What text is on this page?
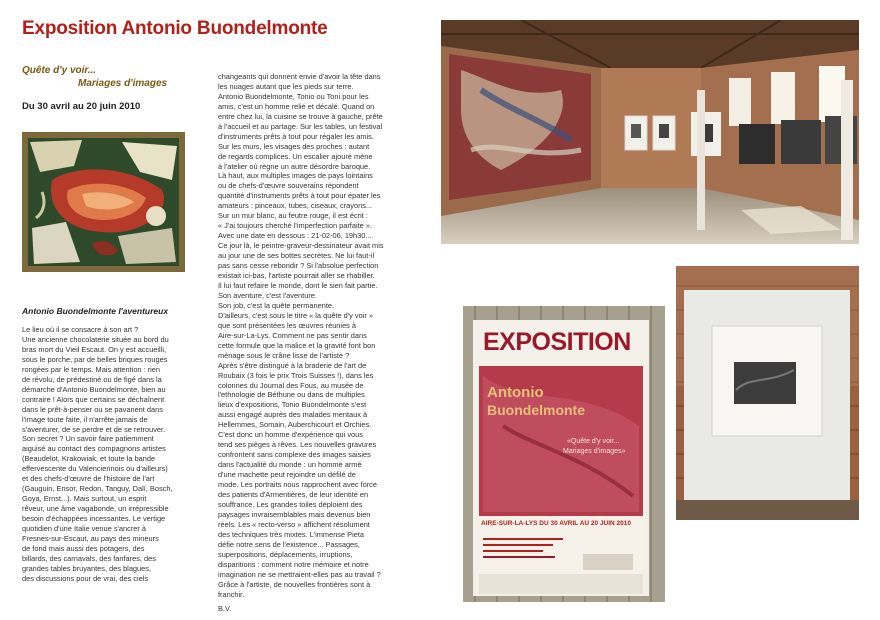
Exposition Antonio Buondelmonte
Quête d'y voir...
Mariages d'images
Du 30 avril au 20 juin 2010
Antonio Buondelmonte l'aventureux
Le lieu où il se consacre à son art ?
Une ancienne chocolaterie située au bord du
bras mort du Vieil Escaut. On y est accueilli,
sous le porche, par de belles briques rouges
rongées par le temps. Mais attention : rien
de révolu, de prédestiné ou de figé dans la
démarche d'Antonio Buondelmonte, bien au
contraire ! Alors que certains se déchaînent
dans le prêt-à-penser ou se pavanent dans
l'image toute faite, il n'arrête jamais de
s'aventurer, de se perdre et de se retrouver.
Son secret ? Un savoir faire patiemment
aiguisé au contact des compagnons artistes
(Beaudelot, Krakowiak, et toute la bande
effervescente du Valenciennois ou d'ailleurs)
et des chefs-d'œuvre de l'histoire de l'art
(Gauguin, Ensor, Redon, Tanguy, Dalí, Bosch,
Goya, Ernst...). Mais surtout, un esprit
rêveur, une âme vagabonde, un irrépressible
besoin d'échappées incessantes. Le vertige
quotidien d'une Italie venue s'ancrer à
Fresnes-sur-Escaut, au pays des mineurs
de fond mais aussi des potagers, des
billards, des carnavals, des fanfares, des
grandes tables bruyantes, des blagues,
des discussions pour de vrai, des ciels

changeants qui donnent envie d'avoir la tête dans
les nuages autant que les pieds sur terre.
Antonio Buondelmonte, Tonio ou Toni pour les
amis, c'est un homme relié et décalé. Quand on
entre chez lui, la cuisine se trouve à gauche, prête
à l'accueil et au partage. Sur les tables, un festival
d'instruments prêts à tout pour régaler les amis.
Sur les murs, les visages des proches : autant
de regards complices. Un escalier ajouré mène
à l'atelier où règne un autre désordre baroque.
Là haut, aux multiples images de pays lointains
ou de chefs-d'œuvre souverains répondent
quantité d'instruments prêts à tout pour épater les
amateurs : pinceaux, tubes, ciseaux, crayons...
Sur un mur blanc, au feutre rouge, il est écrit :
« J'ai toujours cherché l'imperfection parfaite ».
Avec une date en dessous : 21-02-06, 19h30...
Ce jour là, le peintre-graveur-dessinateur avait mis
au jour une de ses bottes secrètes. Ne lui faut-il
pas sans cesse rebondir ? Si l'absolue perfection
existait ici-bas, l'artiste pourrait aller se rhabiller.
Il lui faut refaire le monde, dont le sien fait partie.
Son aventure, c'est l'aventure.
Son job, c'est la quête permanente.
D'ailleurs, c'est sous le titre « la quête d'y voir »
que sont présentées les œuvres réunies à
Aire-sur-La-Lys. Comment ne pas sentir dans
cette formule que la malice et la gravité font bon
ménage sous le crâne lisse de l'artiste ?
Après s'être distingué à la braderie de l'art de
Roubaix (3 fois le prix Trois Suisses !), dans les
colonnes du Journal des Fous, au musée de
l'ethnologie de Béthune ou dans de multiples
lieux d'expositions, Tonio Buondelmonte s'est
aussi engagé auprès des malades mentaux à
Hellemmes, Somain, Auberchicourt et Orchies.
C'est donc un homme d'expérience qui vous
tend ses pièges à rêves. Les nouvelles gravures
confrontent sans complexe des images saisies
dans l'actualité du monde : un homme armé
d'une machette peut rejoindre un défilé de
mode. Les portraits nous rapprochent avec force
des patients d'Armentières, de leur identité en
souffrance. Les grandes toiles déploient des
paysages invraisemblables mais devenus bien
réels. Les « recto-verso » affichent résolument
des techniques très mixtes. L'immense Pieta
défie notre sens de l'existence... Passages,
superpositions, déplacements, irruptions,
disparitions : comment notre mémoire et notre
imagination ne se mettraient-elles pas au travail ?
Grâce à l'artiste, de nouvelles frontières sont à
franchir.

B.V.

EXPOSITION
Antonio
Buondelmonte
«Quête d'y voir...
Mariages d'images»
AIRE-SUR-LA-LYS DU 30 AVRIL AU 20 JUIN 2010
